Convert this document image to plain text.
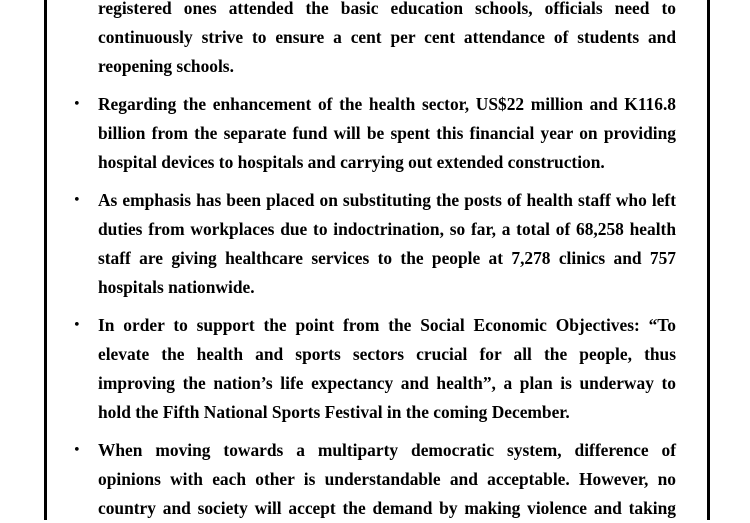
registered ones attended the basic education schools, officials need to
continuously strive to ensure a cent per cent attendance of students and
reopening schools.
• Regarding the enhancement of the health sector, US$22 million and K116.8
billion from the separate fund will be spent this financial year on providing
hospital devices to hospitals and carrying out extended construction.
• As emphasis has been placed on substituting the posts of health staff who left
duties from workplaces due to indoctrination, so far, a total of 68,258 health
staff are giving healthcare services to the people at 7,278 clinics and 757
hospitals nationwide.
• In order to support the point from the Social Economic Objectives: “To
elevate the health and sports sectors crucial for all the people, thus
improving the nation’s life expectancy and health”, a plan is underway to
hold the Fifth National Sports Festival in the coming December.
• When moving towards a multiparty democratic system, difference of
opinions with each other is understandable and acceptable. However, no
country and society will accept the demand by making violence and taking
